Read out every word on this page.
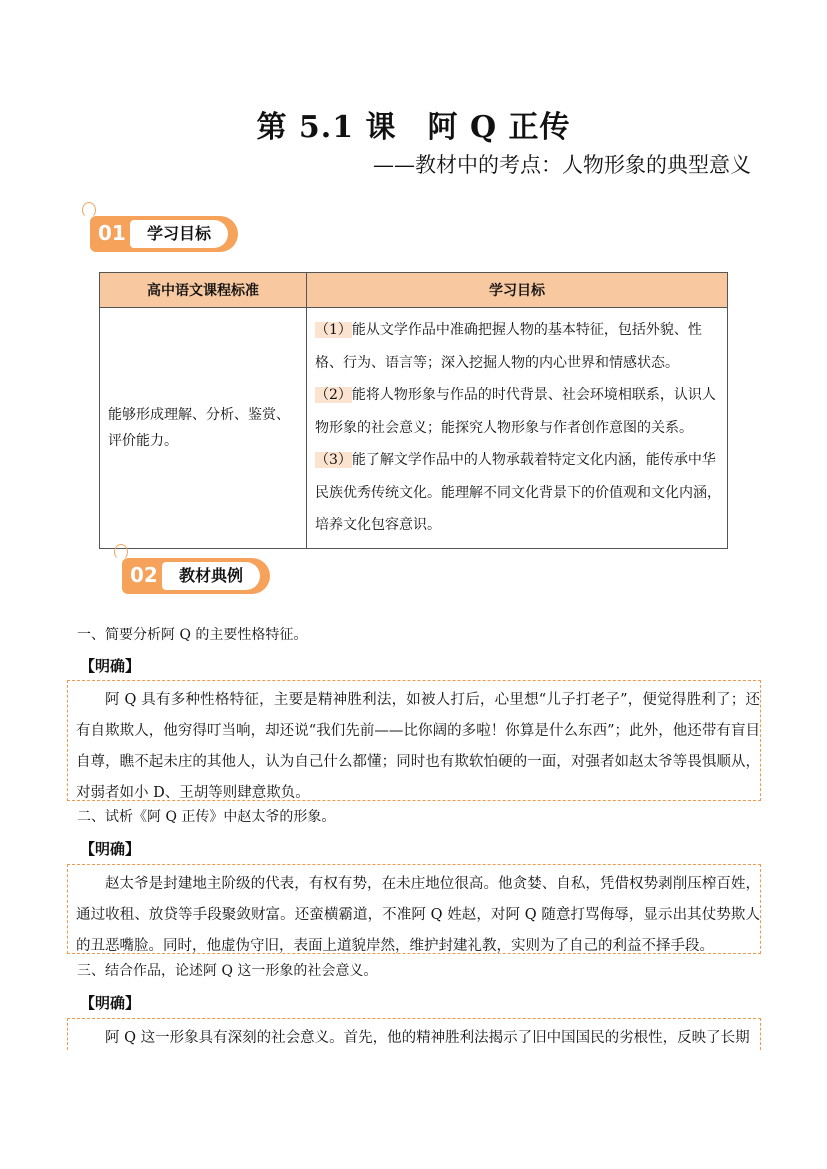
第 5.1 课　阿 Q 正传
——教材中的考点：人物形象的典型意义
01	学习目标
高中语文课程标准	学习目标
能够形成理解、分析、鉴赏、评价能力。	（1）能从文学作品中准确把握人物的基本特征，包括外貌、性格、行为、语言等；深入挖掘人物的内心世界和情感状态。
（2）能将人物形象与作品的时代背景、社会环境相联系，认识人物形象的社会意义；能探究人物形象与作者创作意图的关系。
（3）能了解文学作品中的人物承载着特定文化内涵，能传承中华民族优秀传统文化。能理解不同文化背景下的价值观和文化内涵，培养文化包容意识。
02	教材典例
一、简要分析阿 Q 的主要性格特征。
【明确】

阿 Q 具有多种性格特征，主要是精神胜利法，如被人打后，心里想“儿子打老子”，便觉得胜利了；还有自欺欺人，他穷得叮当响，却还说“我们先前——比你阔的多啦！你算是什么东西”；此外，他还带有盲目自尊，瞧不起未庄的其他人，认为自己什么都懂；同时也有欺软怕硬的一面，对强者如赵太爷等畏惧顺从，对弱者如小 D、王胡等则肆意欺负。

二、试析《阿 Q 正传》中赵太爷的形象。
【明确】

赵太爷是封建地主阶级的代表，有权有势，在未庄地位很高。他贪婪、自私，凭借权势剥削压榨百姓，通过收租、放贷等手段聚敛财富。还蛮横霸道，不准阿 Q 姓赵，对阿 Q 随意打骂侮辱，显示出其仗势欺人的丑恶嘴脸。同时，他虚伪守旧，表面上道貌岸然，维护封建礼教，实则为了自己的利益不择手段。

三、结合作品，论述阿 Q 这一形象的社会意义。
【明确】

阿 Q 这一形象具有深刻的社会意义。首先，他的精神胜利法揭示了旧中国国民的劣根性，反映了长期
